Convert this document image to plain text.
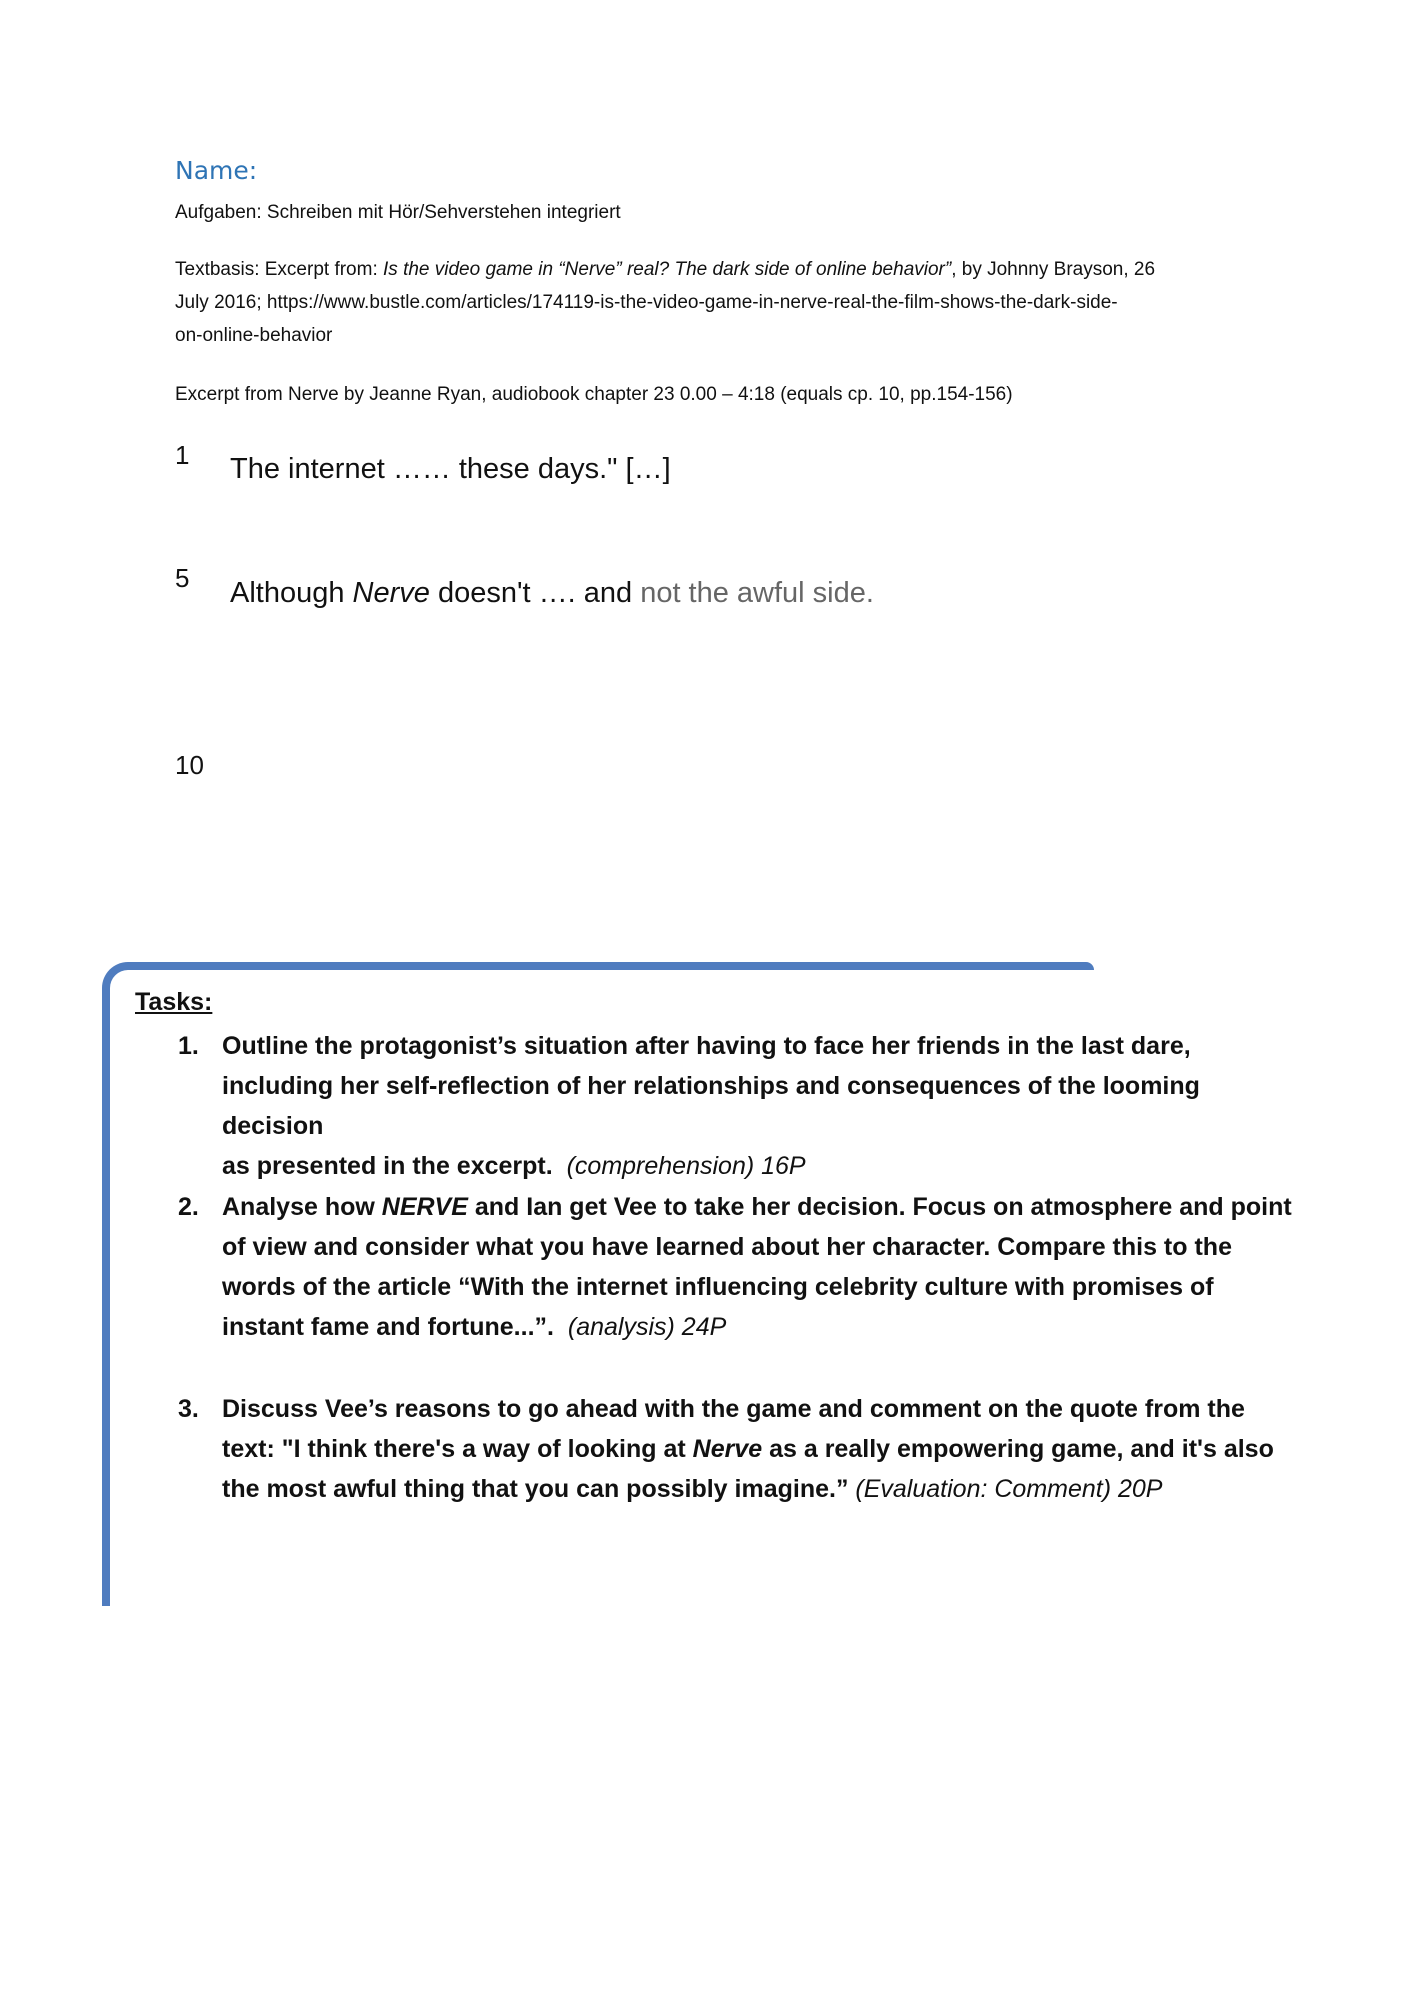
Name:
Aufgaben: Schreiben mit Hör/Sehverstehen integriert
Textbasis: Excerpt from: Is the video game in “Nerve” real? The dark side of online behavior”, by Johnny Brayson, 26
July 2016; https://www.bustle.com/articles/174119-is-the-video-game-in-nerve-real-the-film-shows-the-dark-side-
on-online-behavior
Excerpt from Nerve by Jeanne Ryan, audiobook chapter 23 0.00 – 4:18 (equals cp. 10, pp.154-156)
1 The internet …… these days." […]
5 Although Nerve doesn't …. and not the awful side.
10
Tasks:
1. Outline the protagonist’s situation after having to face her friends in the last dare,
including her self-reflection of her relationships and consequences of the looming decision
as presented in the excerpt. (comprehension) 16P
2. Analyse how NERVE and Ian get Vee to take her decision. Focus on atmosphere and point
of view and consider what you have learned about her character. Compare this to the
words of the article “With the internet influencing celebrity culture with promises of
instant fame and fortune...”. (analysis) 24P
3. Discuss Vee’s reasons to go ahead with the game and comment on the quote from the
text: "I think there's a way of looking at Nerve as a really empowering game, and it's also
the most awful thing that you can possibly imagine.” (Evaluation: Comment) 20P
